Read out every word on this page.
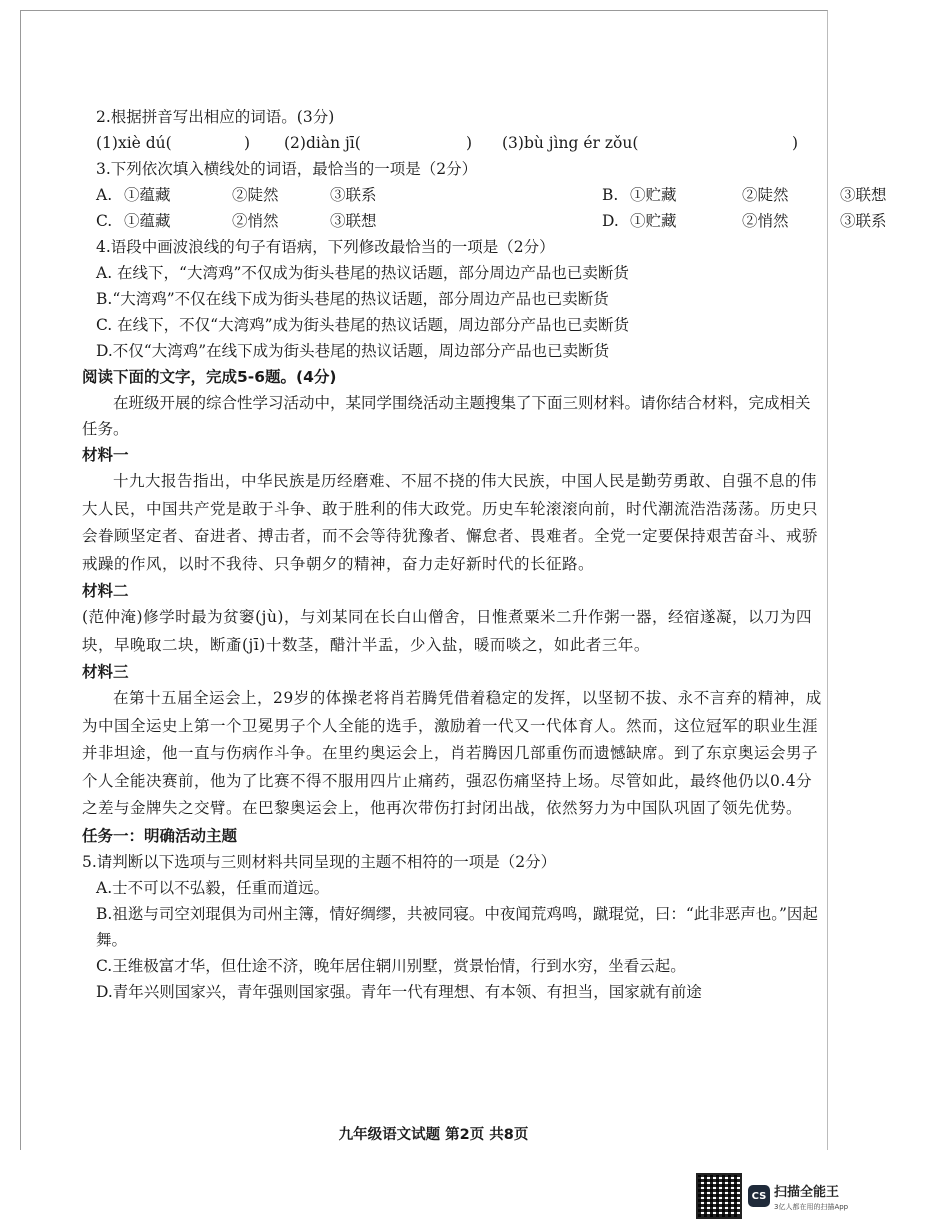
2.根据拼音写出相应的词语。(3分)
(1)xiè dú(	)	(2)diàn jī(	)	(3)bù jìng ér zǒu(	)
3.下列依次填入横线处的词语，最恰当的一项是（2分）
A. ①蕴藏	②陡然	③联系	B. ①贮藏	②陡然	③联想
C. ①蕴藏	②悄然	③联想	D. ①贮藏	②悄然	③联系
4.语段中画波浪线的句子有语病，下列修改最恰当的一项是（2分）
A. 在线下，“大湾鸡”不仅成为街头巷尾的热议话题，部分周边产品也已卖断货
B.“大湾鸡”不仅在线下成为街头巷尾的热议话题，部分周边产品也已卖断货
C. 在线下，不仅“大湾鸡”成为街头巷尾的热议话题，周边部分产品也已卖断货
D.不仅“大湾鸡”在线下成为街头巷尾的热议话题，周边部分产品也已卖断货
阅读下面的文字，完成5-6题。(4分)
在班级开展的综合性学习活动中，某同学围绕活动主题搜集了下面三则材料。请你结合材料，完成相关任务。
材料一
十九大报告指出，中华民族是历经磨难、不屈不挠的伟大民族，中国人民是勤劳勇敢、自强不息的伟大人民，中国共产党是敢于斗争、敢于胜利的伟大政党。历史车轮滚滚向前，时代潮流浩浩荡荡。历史只会眷顾坚定者、奋进者、搏击者，而不会等待犹豫者、懈怠者、畏难者。全党一定要保持艰苦奋斗、戒骄戒躁的作风，以时不我待、只争朝夕的精神，奋力走好新时代的长征路。
材料二
(范仲淹)修学时最为贫窭(jù)，与刘某同在长白山僧舍，日惟煮粟米二升作粥一器，经宿遂凝，以刀为四块，早晚取二块，断齑(jī)十数茎，醋汁半盂，少入盐，暖而啖之，如此者三年。
材料三
在第十五届全运会上，29岁的体操老将肖若腾凭借着稳定的发挥，以坚韧不拔、永不言弃的精神，成为中国全运史上第一个卫冕男子个人全能的选手，激励着一代又一代体育人。然而，这位冠军的职业生涯并非坦途，他一直与伤病作斗争。在里约奥运会上，肖若腾因几部重伤而遗憾缺席。到了东京奥运会男子个人全能决赛前，他为了比赛不得不服用四片止痛药，强忍伤痛坚持上场。尽管如此，最终他仍以0.4分之差与金牌失之交臂。在巴黎奥运会上，他再次带伤打封闭出战，依然努力为中国队巩固了领先优势。
任务一：明确活动主题
5.请判断以下选项与三则材料共同呈现的主题不相符的一项是（2分）
A.士不可以不弘毅，任重而道远。
B.祖逖与司空刘琨俱为司州主簿，情好绸缪，共被同寝。中夜闻荒鸡鸣，蹴琨觉，曰：“此非恶声也。”因起舞。
C.王维极富才华，但仕途不济，晚年居住辋川别墅，赏景怡情，行到水穷，坐看云起。
D.青年兴则国家兴，青年强则国家强。青年一代有理想、有本领、有担当，国家就有前途
九年级语文试题 第2页 共8页
CS 扫描全能王
3亿人都在用的扫描App
